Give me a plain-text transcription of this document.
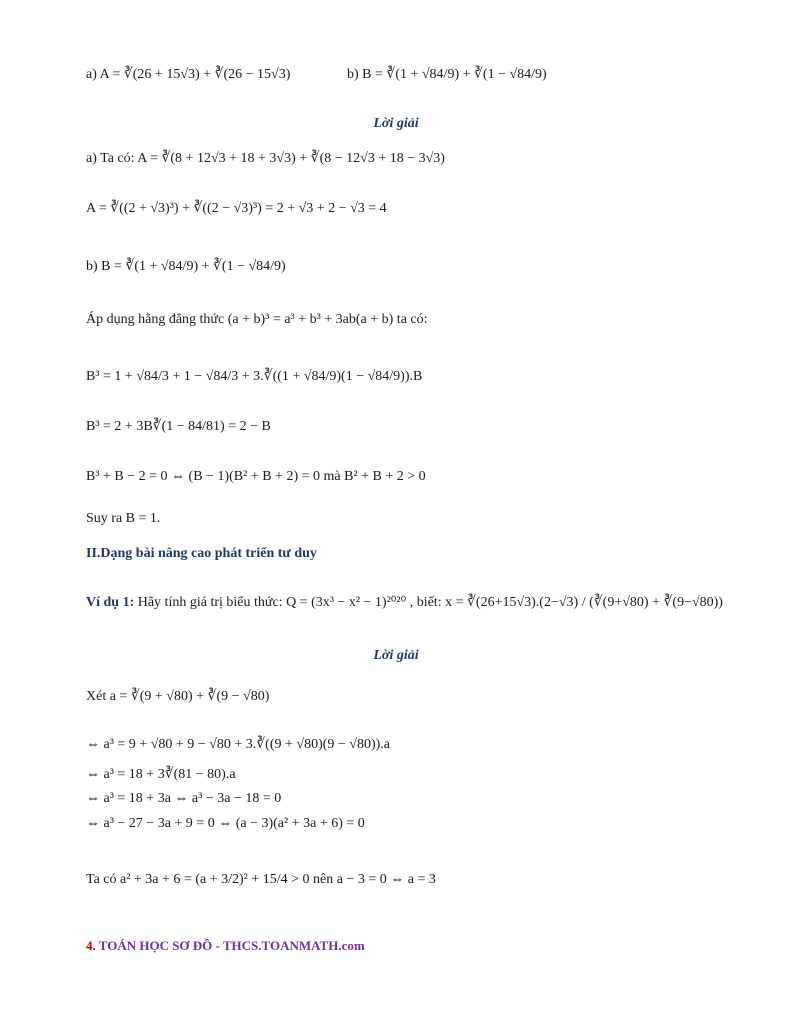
a) A = ∛(26 + 15√3) + ∛(26 − 15√3)	b) B = ∛(1 + √84/9) + ∛(1 − √84/9)
Lời giải
a) Ta có: A = ∛(8 + 12√3 + 18 + 3√3) + ∛(8 − 12√3 + 18 − 3√3)
A = ∛((2 + √3)³) + ∛((2 − √3)³) = 2 + √3 + 2 − √3 = 4
b) B = ∛(1 + √84/9) + ∛(1 − √84/9)
Áp dụng hằng đẳng thức (a + b)³ = a³ + b³ + 3ab(a + b) ta có:
B³ = 1 + √84/3 + 1 − √84/3 + 3.∛((1 + √84/9)(1 − √84/9)).B
B³ = 2 + 3B∛(1 − 84/81) = 2 − B
B³ + B − 2 = 0 ⇔ (B − 1)(B² + B + 2) = 0 mà B² + B + 2 > 0
Suy ra B = 1.
II.Dạng bài nâng cao phát triển tư duy
Ví dụ 1: Hãy tính giá trị biểu thức: Q = (3x³ − x² − 1)²⁰²⁰ , biết: x = ∛(26+15√3).(2−√3) / (∛(9+√80) + ∛(9−√80))
Lời giải
Xét a = ∛(9 + √80) + ∛(9 − √80)
⇔ a³ = 9 + √80 + 9 − √80 + 3.∛((9 + √80)(9 − √80)).a
⇔ a³ = 18 + 3∛(81 − 80).a
⇔ a³ = 18 + 3a ⇔ a³ − 3a − 18 = 0
⇔ a³ − 27 − 3a + 9 = 0 ⇔ (a − 3)(a² + 3a + 6) = 0
Ta có a² + 3a + 6 = (a + 3/2)² + 15/4 > 0 nên a − 3 = 0 ⇔ a = 3
4. TOÁN HỌC SƠ ĐỒ - THCS.TOANMATH.com
